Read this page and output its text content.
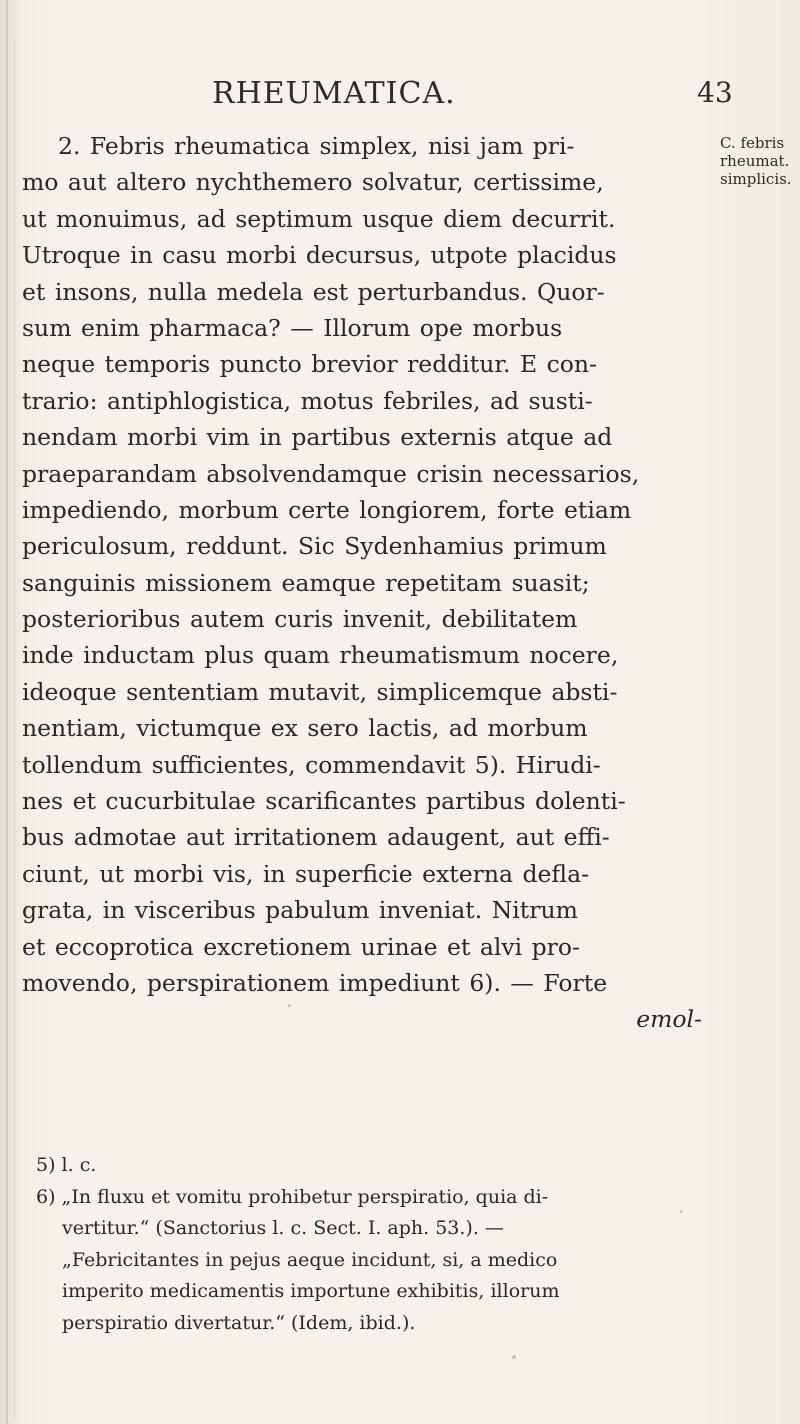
RHEUMATICA.	43
C. febris
rheumat.
simplicis.
2. Febris rheumatica simplex, nisi jam pri-
mo aut altero nychthemero solvatur, certissime,
ut monuimus, ad septimum usque diem decurrit.
Utroque in casu morbi decursus, utpote placidus
et insons, nulla medela est perturbandus. Quor-
sum enim pharmaca? — Illorum ope morbus
neque temporis puncto brevior redditur. E con-
trario: antiphlogistica, motus febriles, ad susti-
nendam morbi vim in partibus externis atque ad
praeparandam absolvendamque crisin necessarios,
impediendo, morbum certe longiorem, forte etiam
periculosum, reddunt. Sic Sydenhamius primum
sanguinis missionem eamque repetitam suasit;
posterioribus autem curis invenit, debilitatem
inde inductam plus quam rheumatismum nocere,
ideoque sententiam mutavit, simplicemque absti-
nentiam, victumque ex sero lactis, ad morbum
tollendum sufficientes, commendavit 5). Hirudi-
nes et cucurbitulae scarificantes partibus dolenti-
bus admotae aut irritationem adaugent, aut effi-
ciunt, ut morbi vis, in superficie externa defla-
grata, in visceribus pabulum inveniat. Nitrum
et eccoprotica excretionem urinae et alvi pro-
movendo, perspirationem impediunt 6). — Forte
emol-
5) l. c.
6) „In fluxu et vomitu prohibetur perspiratio, quia di-
vertitur.“ (Sanctorius l. c. Sect. I. aph. 53.). —
„Febricitantes in pejus aeque incidunt, si, a medico
imperito medicamentis importune exhibitis, illorum
perspiratio divertatur.“ (Idem, ibid.).
